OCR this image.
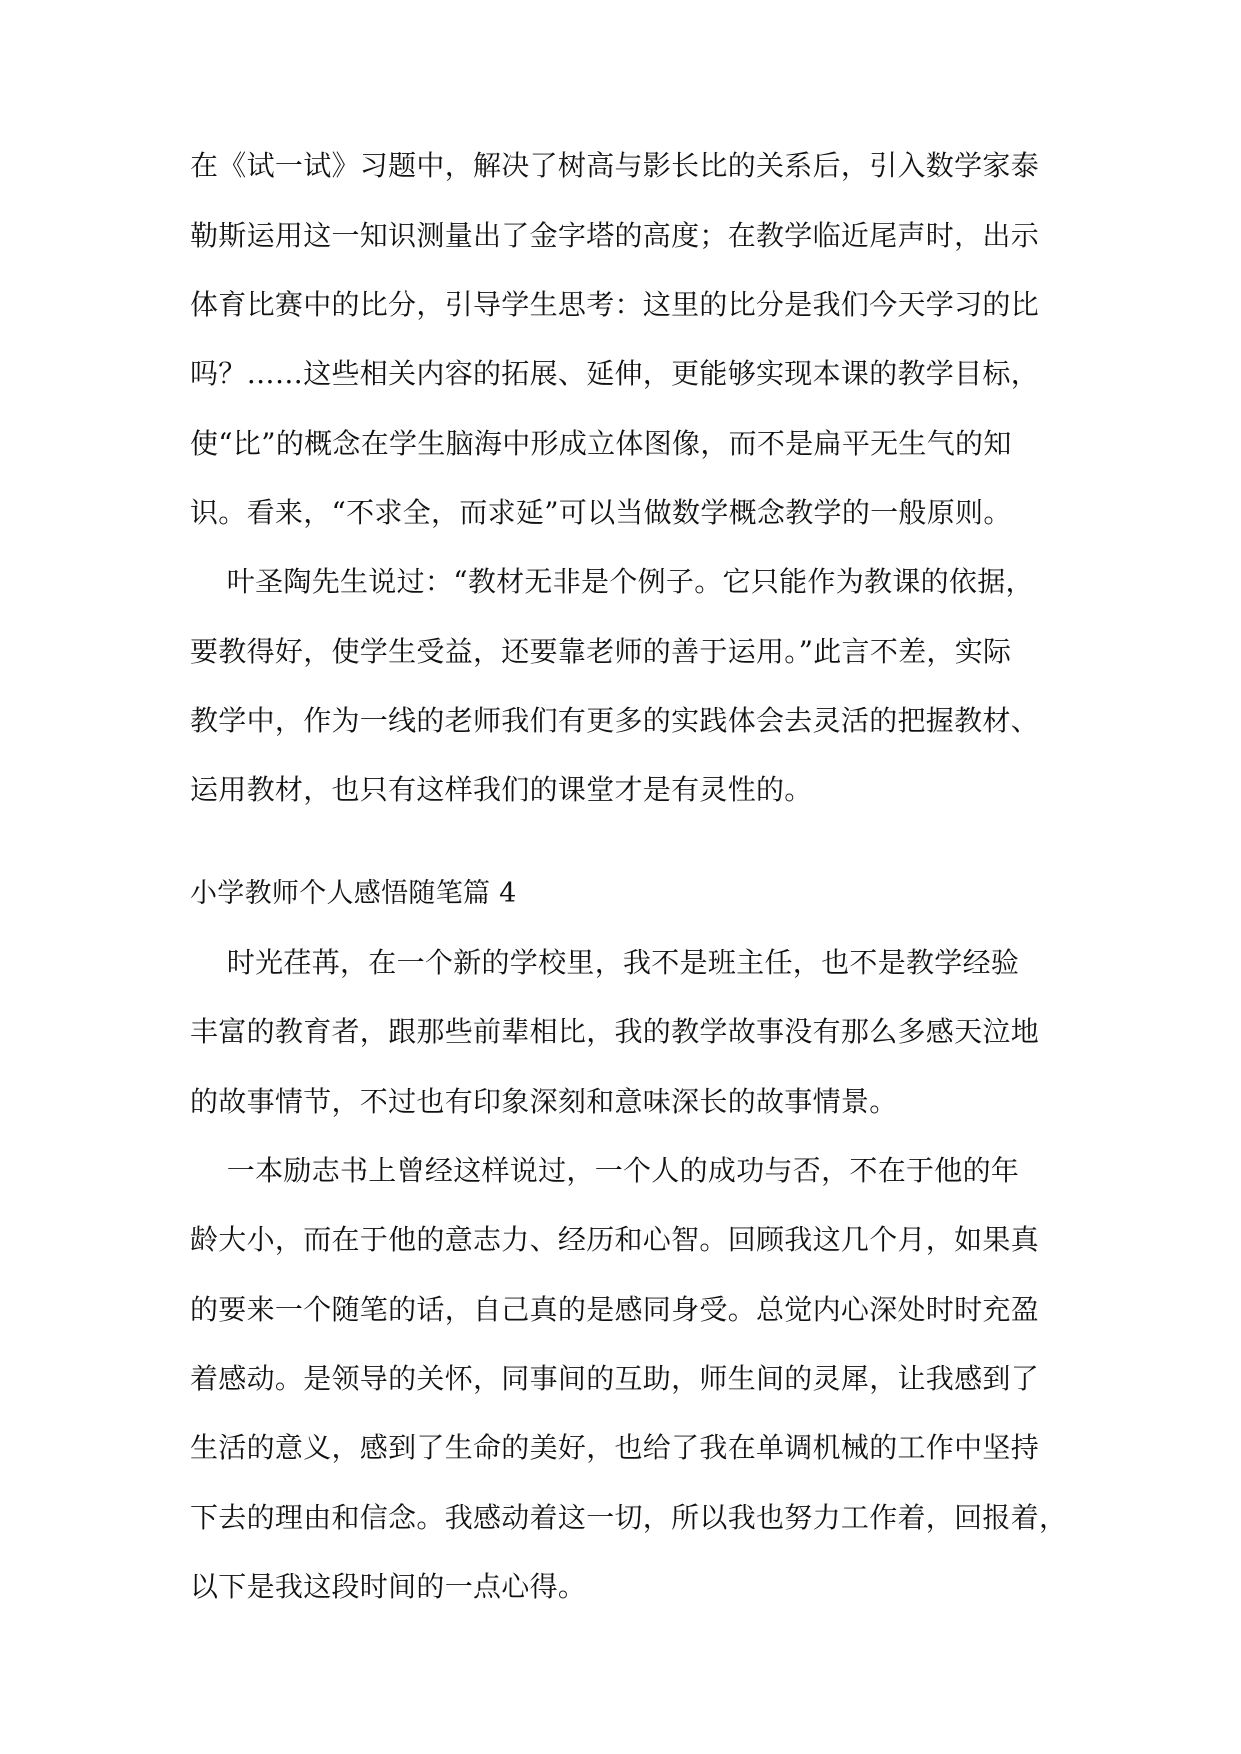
在《试一试》习题中，解决了树高与影长比的关系后，引入数学家泰
勒斯运用这一知识测量出了金字塔的高度；在教学临近尾声时，出示
体育比赛中的比分，引导学生思考：这里的比分是我们今天学习的比
吗？……这些相关内容的拓展、延伸，更能够实现本课的教学目标，
使“比”的概念在学生脑海中形成立体图像，而不是扁平无生气的知
识。看来，“不求全，而求延”可以当做数学概念教学的一般原则。
叶圣陶先生说过：“教材无非是个例子。它只能作为教课的依据，
要教得好，使学生受益，还要靠老师的善于运用。”此言不差，实际
教学中，作为一线的老师我们有更多的实践体会去灵活的把握教材、
运用教材，也只有这样我们的课堂才是有灵性的。
小学教师个人感悟随笔篇 4
时光荏苒，在一个新的学校里，我不是班主任，也不是教学经验
丰富的教育者，跟那些前辈相比，我的教学故事没有那么多感天泣地
的故事情节，不过也有印象深刻和意味深长的故事情景。
一本励志书上曾经这样说过，一个人的成功与否，不在于他的年
龄大小，而在于他的意志力、经历和心智。回顾我这几个月，如果真
的要来一个随笔的话，自己真的是感同身受。总觉内心深处时时充盈
着感动。是领导的关怀，同事间的互助，师生间的灵犀，让我感到了
生活的意义，感到了生命的美好，也给了我在单调机械的工作中坚持
下去的理由和信念。我感动着这一切，所以我也努力工作着，回报着，
以下是我这段时间的一点心得。
